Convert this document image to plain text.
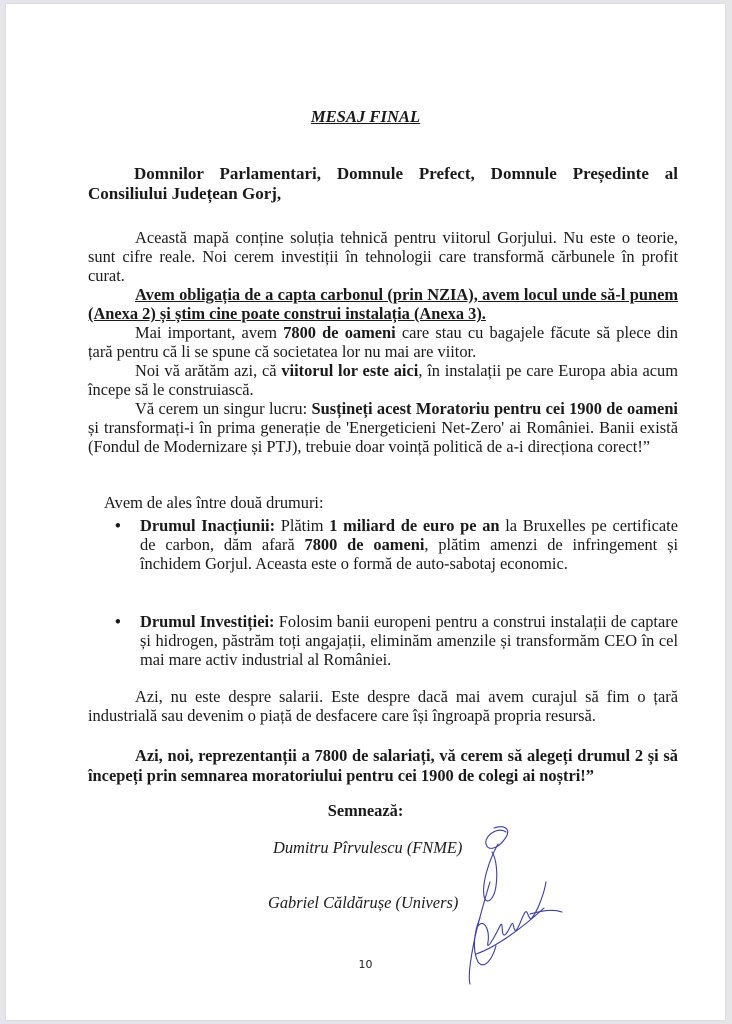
MESAJ FINAL
Domnilor Parlamentari, Domnule Prefect, Domnule Președinte al
Consiliului Județean Gorj,

Această mapă conține soluția tehnică pentru viitorul Gorjului. Nu este o teorie, sunt cifre reale. Noi cerem investiții în tehnologii care transformă cărbunele în profit curat.

Avem obligația de a capta carbonul (prin NZIA), avem locul unde să-l punem (Anexa 2) și știm cine poate construi instalația (Anexa 3).

Mai important, avem 7800 de oameni care stau cu bagajele făcute să plece din țară pentru că li se spune că societatea lor nu mai are viitor.

Noi vă arătăm azi, că viitorul lor este aici, în instalații pe care Europa abia acum începe să le construiască.

Vă cerem un singur lucru: Susțineți acest Moratoriu pentru cei 1900 de oameni și transformați-i în prima generație de 'Energeticieni Net-Zero' ai României. Banii există (Fondul de Modernizare și PTJ), trebuie doar voință politică de a-i direcționa corect!”

Avem de ales între două drumuri:
• Drumul Inacțiunii: Plătim 1 miliard de euro pe an la Bruxelles pe certificate de carbon, dăm afară 7800 de oameni, plătim amenzi de infringement și închidem Gorjul. Aceasta este o formă de auto-sabotaj economic.
• Drumul Investiției: Folosim banii europeni pentru a construi instalații de captare și hidrogen, păstrăm toți angajații, eliminăm amenzile și transformăm CEO în cel mai mare activ industrial al României.

Azi, nu este despre salarii. Este despre dacă mai avem curajul să fim o țară industrială sau devenim o piață de desfacere care își îngroapă propria resursă.

Azi, noi, reprezentanții a 7800 de salariați, vă cerem să alegeți drumul 2 și să începeți prin semnarea moratoriului pentru cei 1900 de colegi ai noștri!”

Semnează:
Dumitru Pîrvulescu (FNME)
Gabriel Căldărușe (Univers)
10
